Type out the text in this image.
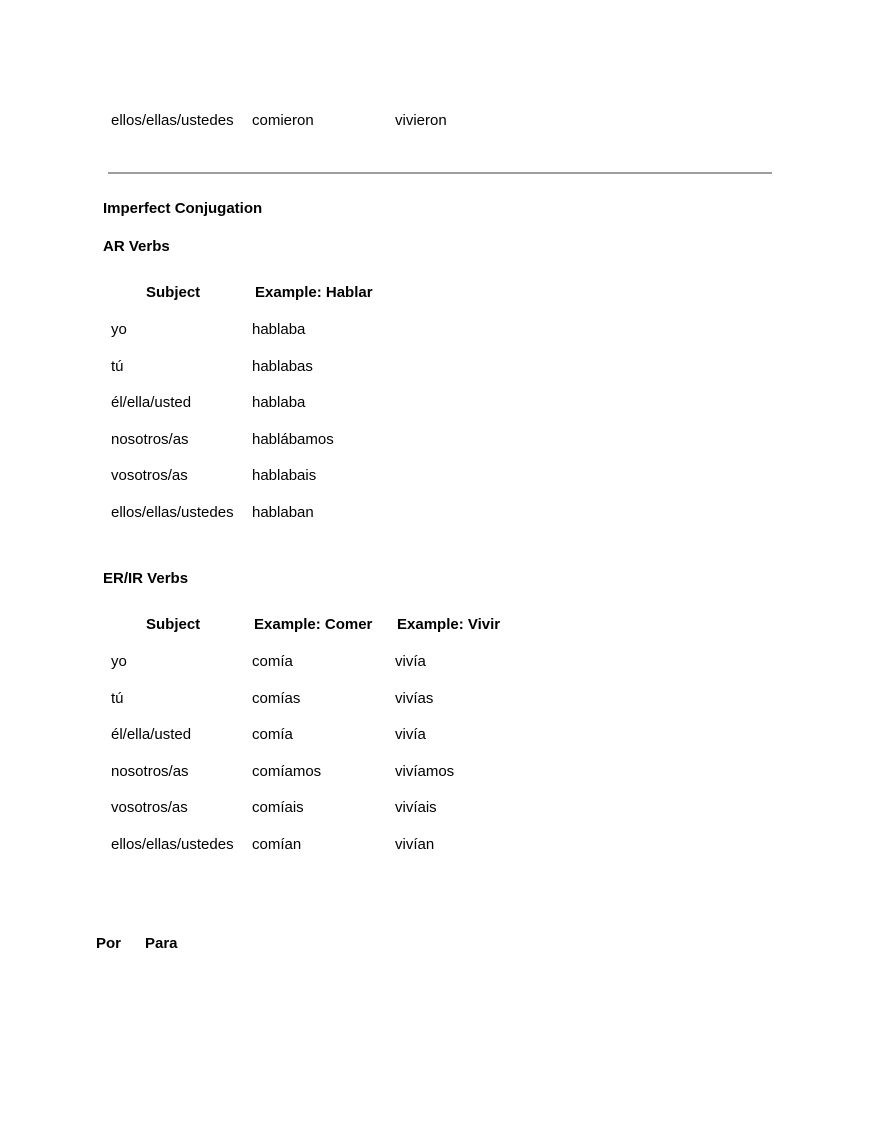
ellos/ellas/ustedes comieron	vivieron
Imperfect Conjugation
AR Verbs
Subject	Example: Hablar
yo	hablaba
tú	hablabas
él/ella/usted	hablaba
nosotros/as	hablábamos
vosotros/as	hablabais
ellos/ellas/ustedes hablaban
ER/IR Verbs
Subject	Example: Comer Example: Vivir
yo	comía	vivía
tú	comías	vivías
él/ella/usted	comía	vivía
nosotros/as	comíamos	vivíamos
vosotros/as	comíais	vivíais
ellos/ellas/ustedes comían	vivían
Por Para
